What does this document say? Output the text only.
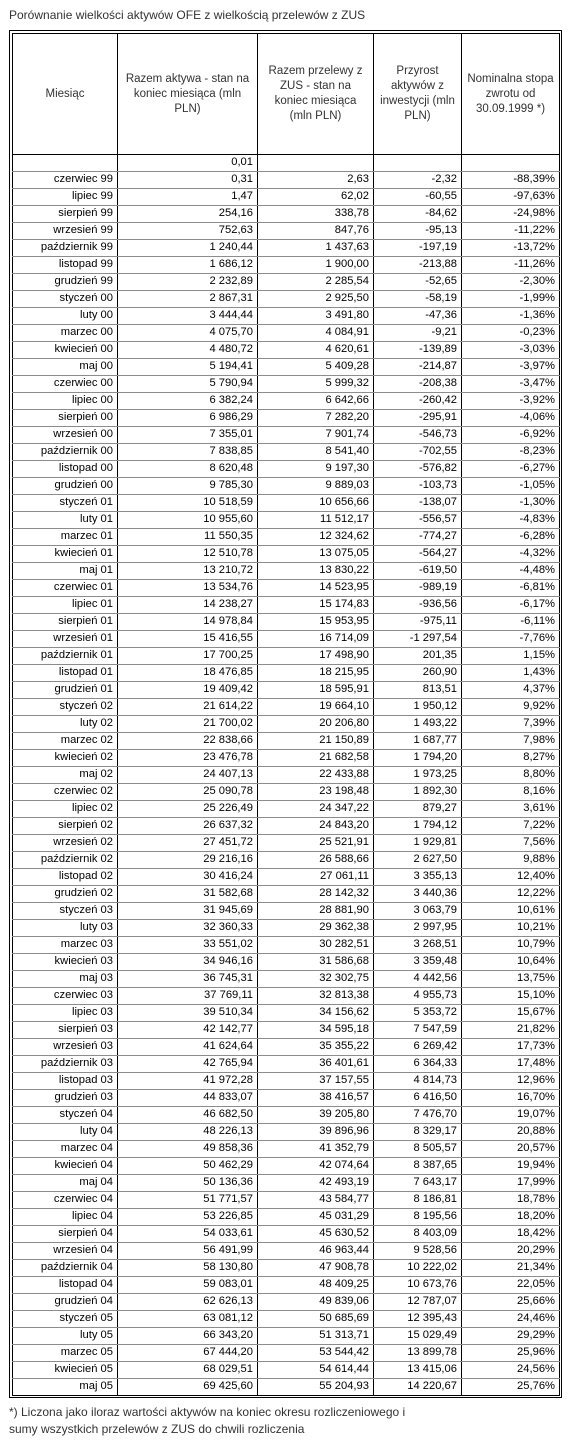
Porównanie wielkości aktywów OFE z wielkością przelewów z ZUS
Miesiąc	Razem aktywa - stan na koniec miesiąca (mln PLN)	Razem przelewy z ZUS - stan na koniec miesiąca (mln PLN)	Przyrost aktywów z inwestycji (mln PLN)	Nominalna stopa zwrotu od 30.09.1999 *)
	0,01			
czerwiec 99	0,31	2,63	-2,32	-88,39%
lipiec 99	1,47	62,02	-60,55	-97,63%
sierpień 99	254,16	338,78	-84,62	-24,98%
wrzesień 99	752,63	847,76	-95,13	-11,22%
październik 99	1 240,44	1 437,63	-197,19	-13,72%
listopad 99	1 686,12	1 900,00	-213,88	-11,26%
grudzień 99	2 232,89	2 285,54	-52,65	-2,30%
styczeń 00	2 867,31	2 925,50	-58,19	-1,99%
luty 00	3 444,44	3 491,80	-47,36	-1,36%
marzec 00	4 075,70	4 084,91	-9,21	-0,23%
kwiecień 00	4 480,72	4 620,61	-139,89	-3,03%
maj 00	5 194,41	5 409,28	-214,87	-3,97%
czerwiec 00	5 790,94	5 999,32	-208,38	-3,47%
lipiec 00	6 382,24	6 642,66	-260,42	-3,92%
sierpień 00	6 986,29	7 282,20	-295,91	-4,06%
wrzesień 00	7 355,01	7 901,74	-546,73	-6,92%
październik 00	7 838,85	8 541,40	-702,55	-8,23%
listopad 00	8 620,48	9 197,30	-576,82	-6,27%
grudzień 00	9 785,30	9 889,03	-103,73	-1,05%
styczeń 01	10 518,59	10 656,66	-138,07	-1,30%
luty 01	10 955,60	11 512,17	-556,57	-4,83%
marzec 01	11 550,35	12 324,62	-774,27	-6,28%
kwiecień 01	12 510,78	13 075,05	-564,27	-4,32%
maj 01	13 210,72	13 830,22	-619,50	-4,48%
czerwiec 01	13 534,76	14 523,95	-989,19	-6,81%
lipiec 01	14 238,27	15 174,83	-936,56	-6,17%
sierpień 01	14 978,84	15 953,95	-975,11	-6,11%
wrzesień 01	15 416,55	16 714,09	-1 297,54	-7,76%
październik 01	17 700,25	17 498,90	201,35	1,15%
listopad 01	18 476,85	18 215,95	260,90	1,43%
grudzień 01	19 409,42	18 595,91	813,51	4,37%
styczeń 02	21 614,22	19 664,10	1 950,12	9,92%
luty 02	21 700,02	20 206,80	1 493,22	7,39%
marzec 02	22 838,66	21 150,89	1 687,77	7,98%
kwiecień 02	23 476,78	21 682,58	1 794,20	8,27%
maj 02	24 407,13	22 433,88	1 973,25	8,80%
czerwiec 02	25 090,78	23 198,48	1 892,30	8,16%
lipiec 02	25 226,49	24 347,22	879,27	3,61%
sierpień 02	26 637,32	24 843,20	1 794,12	7,22%
wrzesień 02	27 451,72	25 521,91	1 929,81	7,56%
październik 02	29 216,16	26 588,66	2 627,50	9,88%
listopad 02	30 416,24	27 061,11	3 355,13	12,40%
grudzień 02	31 582,68	28 142,32	3 440,36	12,22%
styczeń 03	31 945,69	28 881,90	3 063,79	10,61%
luty 03	32 360,33	29 362,38	2 997,95	10,21%
marzec 03	33 551,02	30 282,51	3 268,51	10,79%
kwiecień 03	34 946,16	31 586,68	3 359,48	10,64%
maj 03	36 745,31	32 302,75	4 442,56	13,75%
czerwiec 03	37 769,11	32 813,38	4 955,73	15,10%
lipiec 03	39 510,34	34 156,62	5 353,72	15,67%
sierpień 03	42 142,77	34 595,18	7 547,59	21,82%
wrzesień 03	41 624,64	35 355,22	6 269,42	17,73%
październik 03	42 765,94	36 401,61	6 364,33	17,48%
listopad 03	41 972,28	37 157,55	4 814,73	12,96%
grudzień 03	44 833,07	38 416,57	6 416,50	16,70%
styczeń 04	46 682,50	39 205,80	7 476,70	19,07%
luty 04	48 226,13	39 896,96	8 329,17	20,88%
marzec 04	49 858,36	41 352,79	8 505,57	20,57%
kwiecień 04	50 462,29	42 074,64	8 387,65	19,94%
maj 04	50 136,36	42 493,19	7 643,17	17,99%
czerwiec 04	51 771,57	43 584,77	8 186,81	18,78%
lipiec 04	53 226,85	45 031,29	8 195,56	18,20%
sierpień 04	54 033,61	45 630,52	8 403,09	18,42%
wrzesień 04	56 491,99	46 963,44	9 528,56	20,29%
październik 04	58 130,80	47 908,78	10 222,02	21,34%
listopad 04	59 083,01	48 409,25	10 673,76	22,05%
grudzień 04	62 626,13	49 839,06	12 787,07	25,66%
styczeń 05	63 081,12	50 685,69	12 395,43	24,46%
luty 05	66 343,20	51 313,71	15 029,49	29,29%
marzec 05	67 444,20	53 544,42	13 899,78	25,96%
kwiecień 05	68 029,51	54 614,44	13 415,06	24,56%
maj 05	69 425,60	55 204,93	14 220,67	25,76%
*) Liczona jako iloraz wartości aktywów na koniec okresu rozliczeniowego i
sumy wszystkich przelewów z ZUS do chwili rozliczenia
